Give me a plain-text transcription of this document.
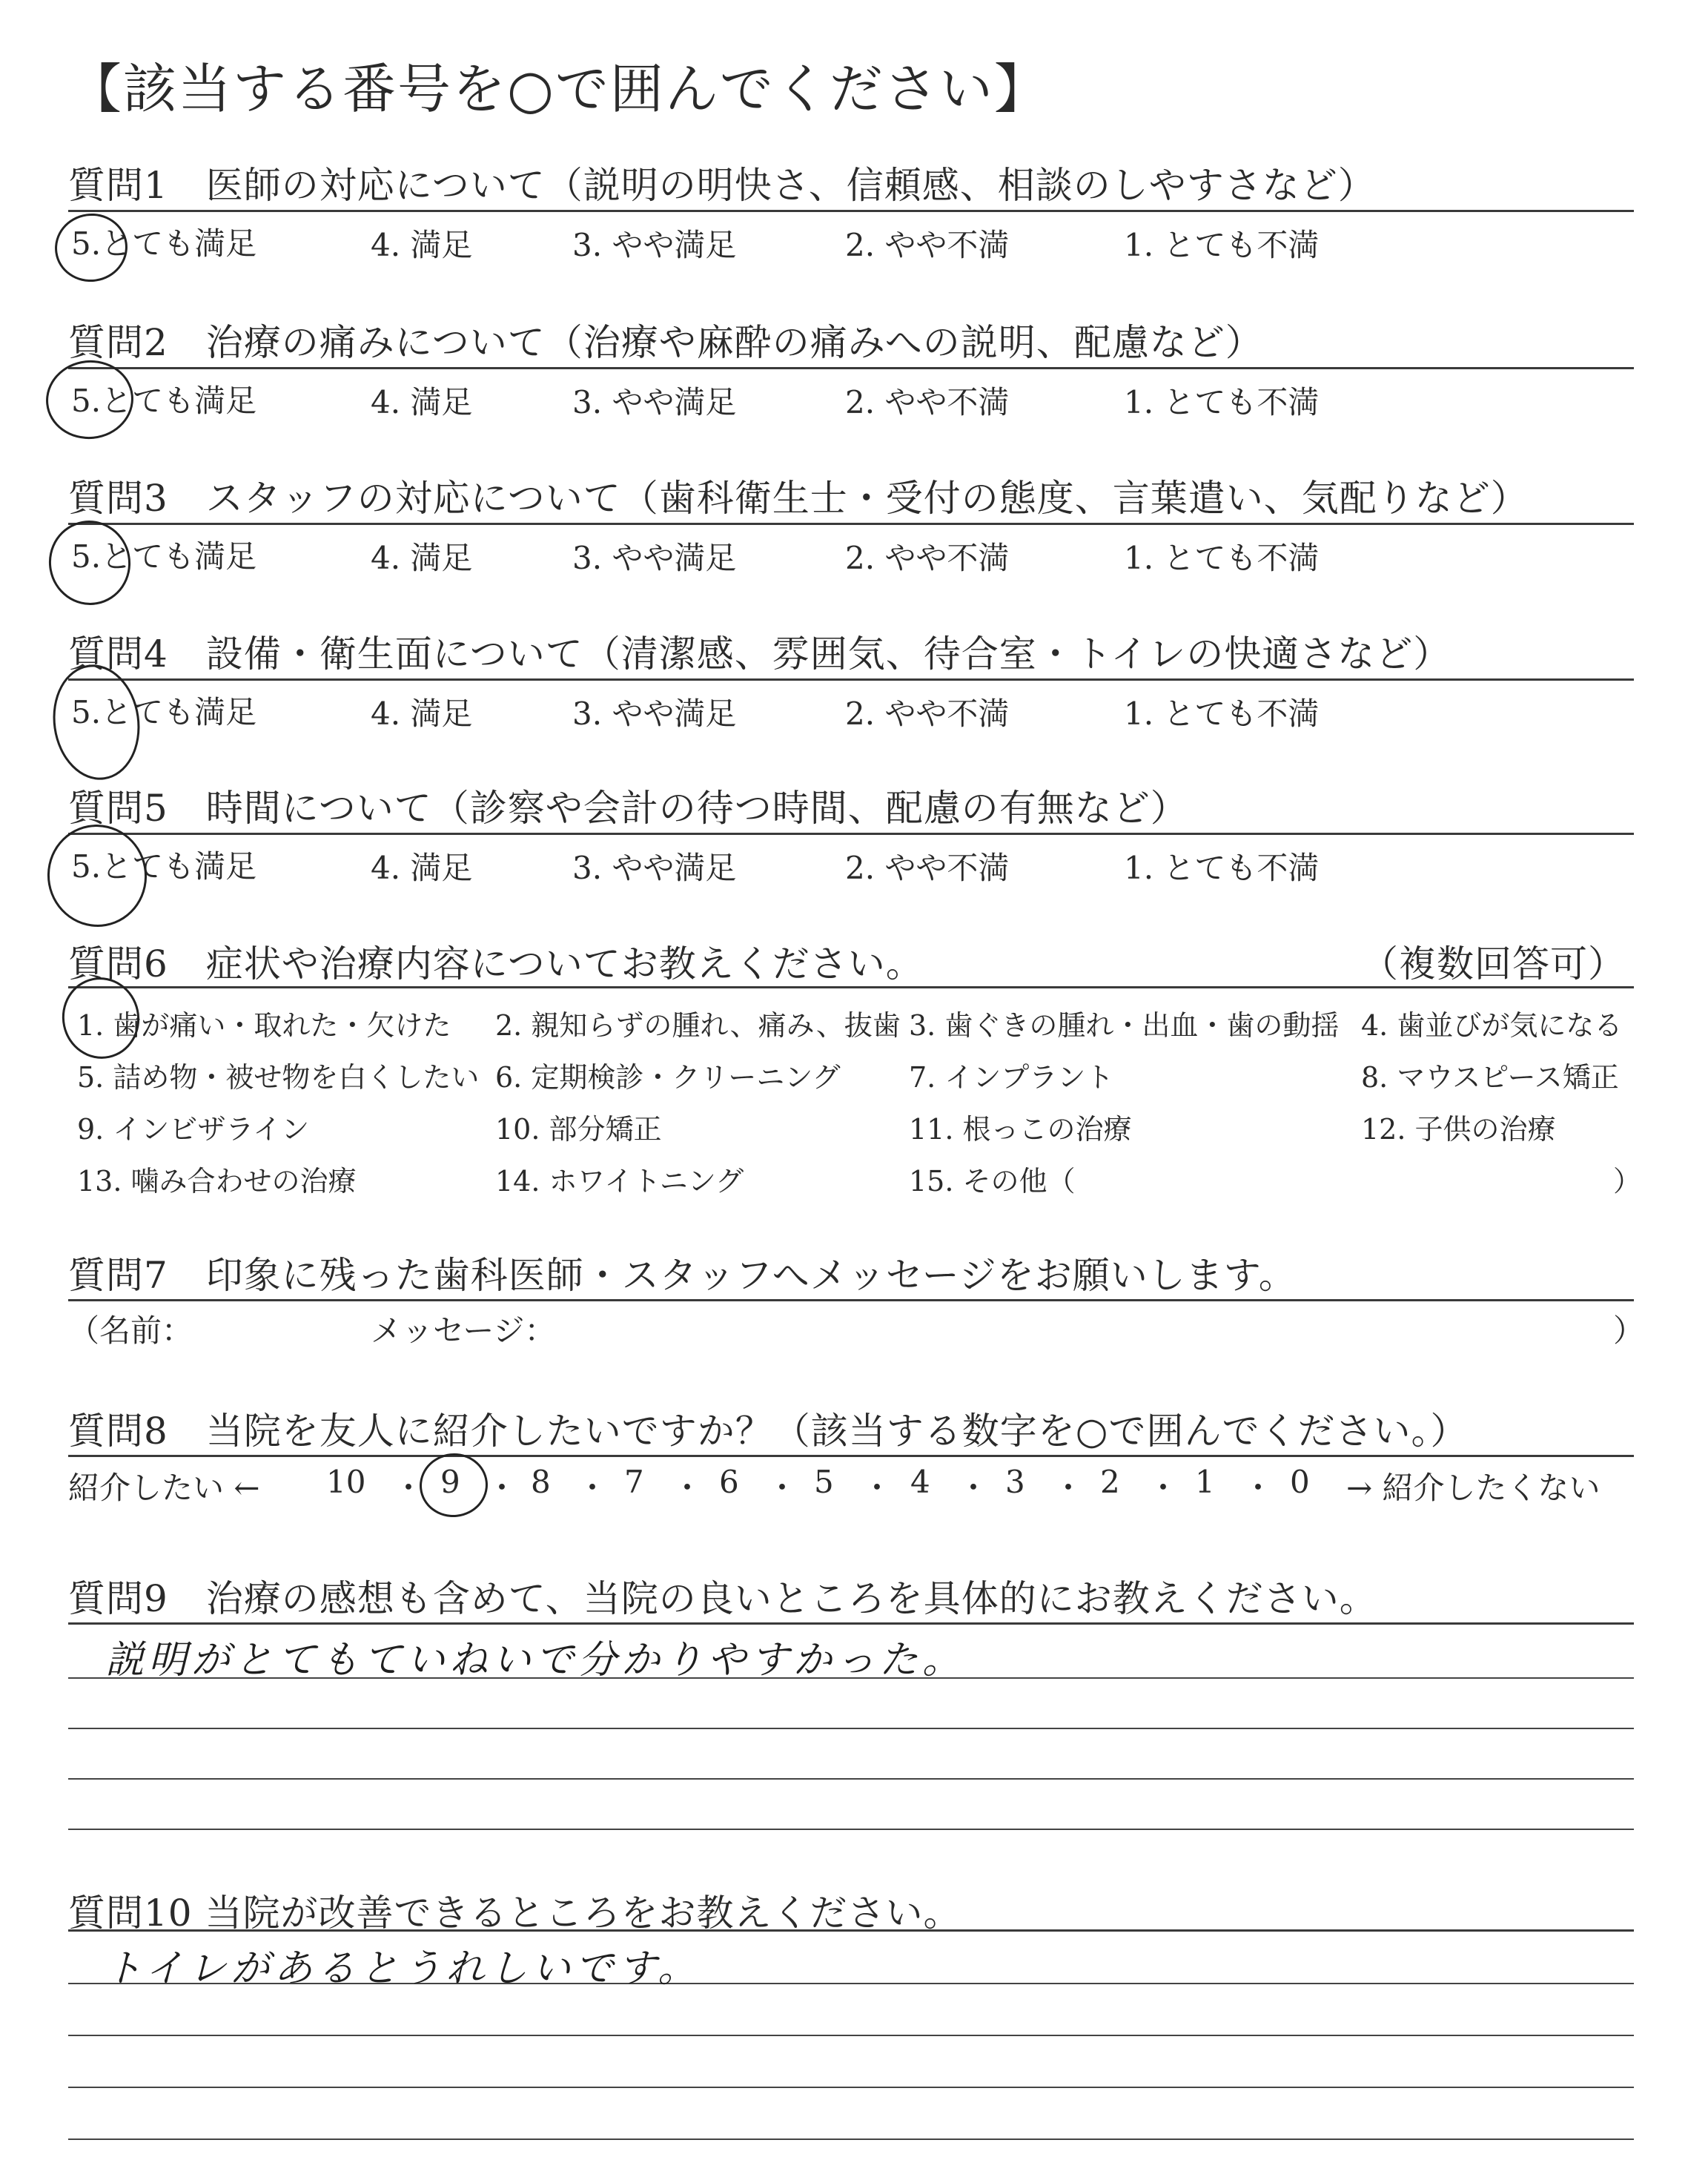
【該当する番号を○で囲んでください】
質問1　医師の対応について（説明の明快さ、信頼感、相談のしやすさなど）
5.とても満足	4. 満足	3. やや満足	2. やや不満	1. とても不満
質問2　治療の痛みについて（治療や麻酔の痛みへの説明、配慮など）
5.とても満足	4. 満足	3. やや満足	2. やや不満	1. とても不満
質問3　スタッフの対応について（歯科衛生士・受付の態度、言葉遣い、気配りなど）
5.とても満足	4. 満足	3. やや満足	2. やや不満	1. とても不満
質問4　設備・衛生面について（清潔感、雰囲気、待合室・トイレの快適さなど）
5.とても満足	4. 満足	3. やや満足	2. やや不満	1. とても不満
質問5　時間について（診察や会計の待つ時間、配慮の有無など）
5.とても満足	4. 満足	3. やや満足	2. やや不満	1. とても不満
質問6　症状や治療内容についてお教えください。	（複数回答可）
1. 歯が痛い・取れた・欠けた 2. 親知らずの腫れ、痛み、抜歯 3. 歯ぐきの腫れ・出血・歯の動揺 4. 歯並びが気になる
5. 詰め物・被せ物を白くしたい 6. 定期検診・クリーニング 7. インプラント	8. マウスピース矯正
9. インビザライン	10. 部分矯正	11. 根っこの治療	12. 子供の治療
13. 噛み合わせの治療	14. ホワイトニング	15. その他（	）
質問7　印象に残った歯科医師・スタッフへメッセージをお願いします。
（名前：	メッセージ：	）
質問8　当院を友人に紹介したいですか？（該当する数字を○で囲んでください。）
紹介したい ← 10 ・ 9 ・ 8 ・ 7 ・ 6 ・ 5 ・ 4 ・ 3 ・ 2 ・ 1 ・ 0 → 紹介したくない
質問9　治療の感想も含めて、当院の良いところを具体的にお教えください。
説明がとてもていねいで分かりやすかった。
質問10 当院が改善できるところをお教えください。
トイレがあるとうれしいです。
